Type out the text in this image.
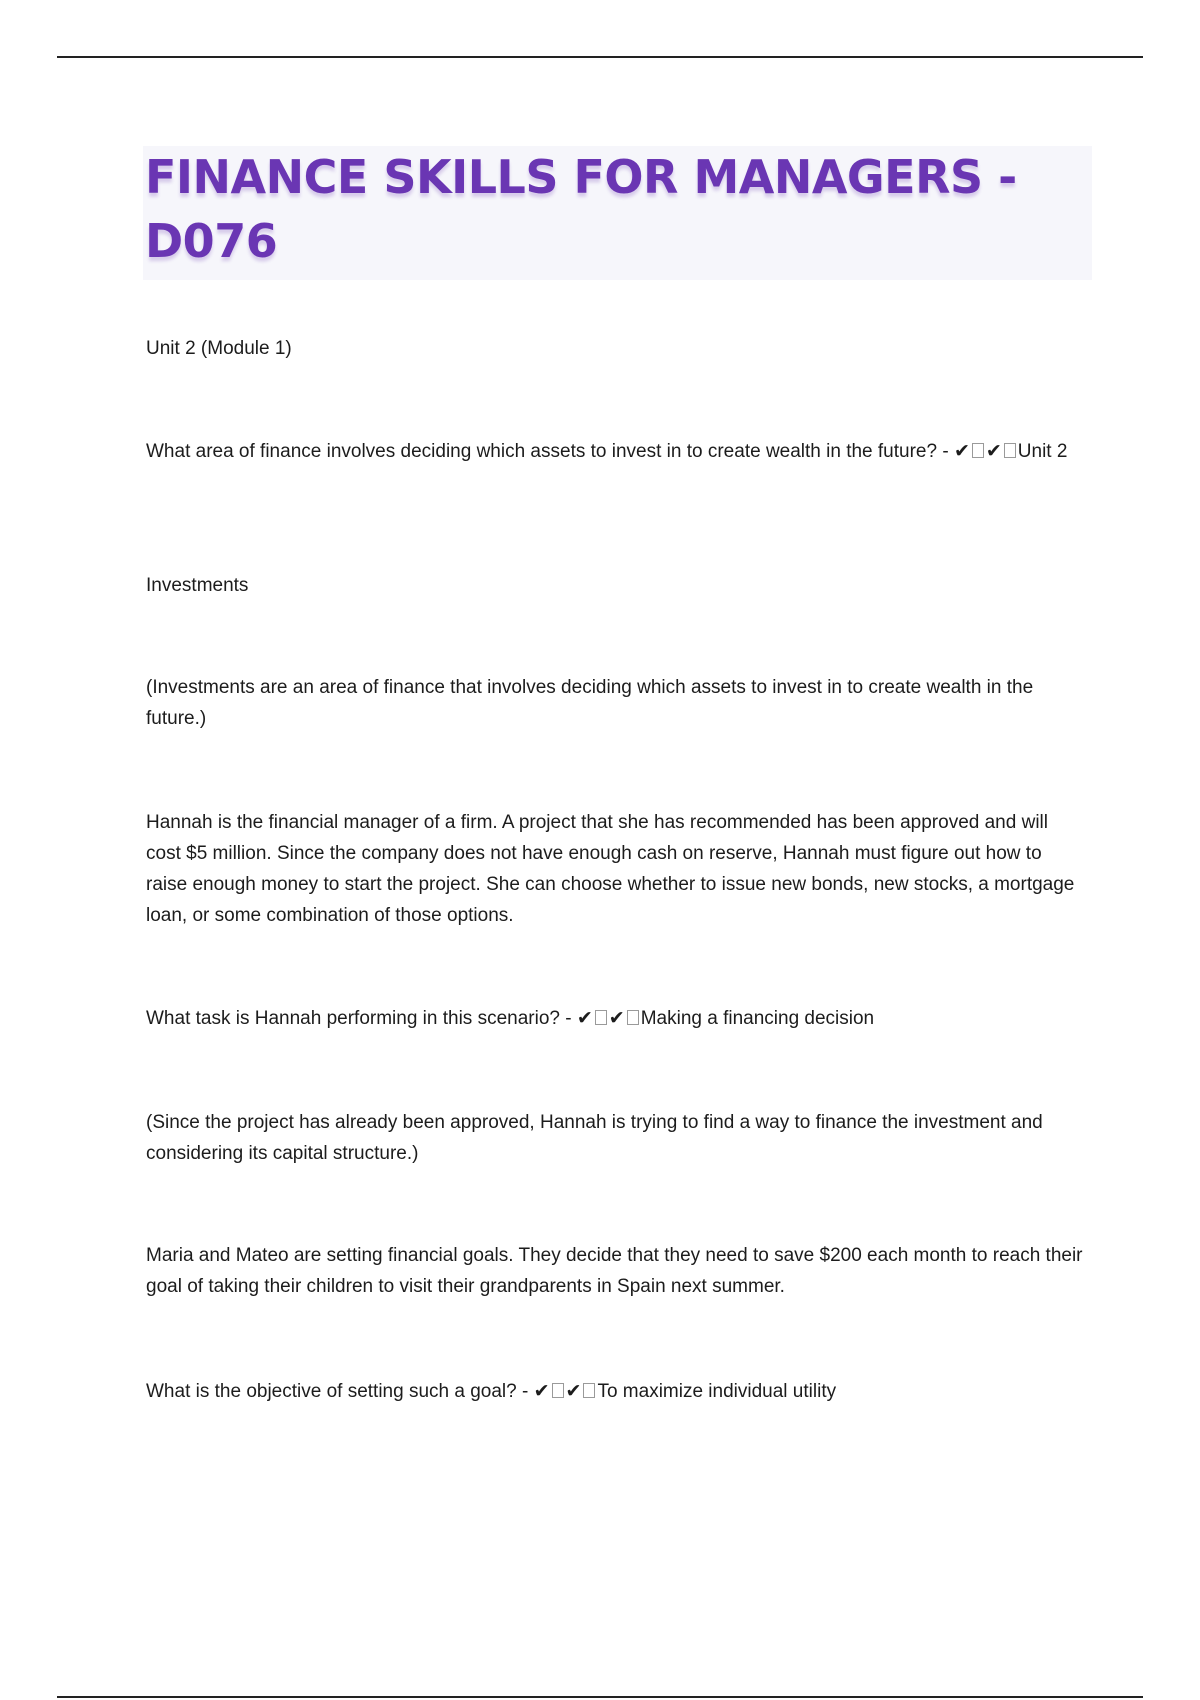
FINANCE SKILLS FOR MANAGERS - D076

Unit 2 (Module 1)

What area of finance involves deciding which assets to invest in to create wealth in the future? - ✔ ✔ Unit 2

Investments

(Investments are an area of finance that involves deciding which assets to invest in to create wealth in the future.)

Hannah is the financial manager of a firm. A project that she has recommended has been approved and will cost $5 million. Since the company does not have enough cash on reserve, Hannah must figure out how to raise enough money to start the project. She can choose whether to issue new bonds, new stocks, a mortgage loan, or some combination of those options.

What task is Hannah performing in this scenario? - ✔ ✔ Making a financing decision

(Since the project has already been approved, Hannah is trying to find a way to finance the investment and considering its capital structure.)

Maria and Mateo are setting financial goals. They decide that they need to save $200 each month to reach their goal of taking their children to visit their grandparents in Spain next summer.

What is the objective of setting such a goal? - ✔ ✔ To maximize individual utility
